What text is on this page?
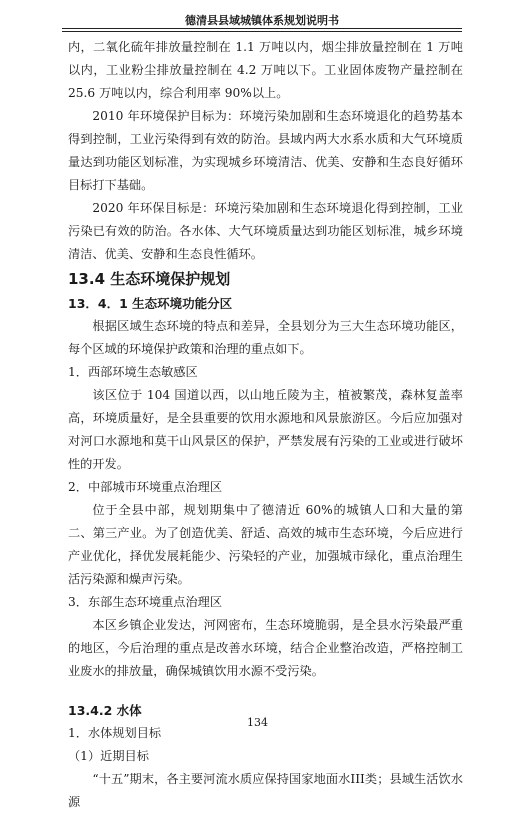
德清县县域城镇体系规划说明书

内，二氧化硫年排放量控制在 1.1 万吨以内，烟尘排放量控制在 1 万吨以内，工业粉尘排放量控制在 4.2 万吨以下。工业固体废物产量控制在 25.6 万吨以内，综合利用率 90%以上。

2010 年环境保护目标为：环境污染加剧和生态环境退化的趋势基本得到控制，工业污染得到有效的防治。县域内两大水系水质和大气环境质量达到功能区划标准，为实现城乡环境清洁、优美、安静和生态良好循环目标打下基础。

2020 年环保目标是：环境污染加剧和生态环境退化得到控制，工业污染已有效的防治。各水体、大气环境质量达到功能区划标准，城乡环境清洁、优美、安静和生态良性循环。

13.4 生态环境保护规划

13．4．1 生态环境功能分区

根据区域生态环境的特点和差异，全县划分为三大生态环境功能区，每个区域的环境保护政策和治理的重点如下。

1．西部环境生态敏感区

该区位于 104 国道以西，以山地丘陵为主，植被繁茂，森林复盖率高，环境质量好，是全县重要的饮用水源地和风景旅游区。今后应加强对对河口水源地和莫干山风景区的保护，严禁发展有污染的工业或进行破坏性的开发。

2．中部城市环境重点治理区

位于全县中部，规划期集中了德清近 60%的城镇人口和大量的第二、第三产业。为了创造优美、舒适、高效的城市生态环境，今后应进行产业优化，择优发展耗能少、污染轻的产业，加强城市绿化，重点治理生活污染源和燥声污染。

3．东部生态环境重点治理区

本区乡镇企业发达，河网密布，生态环境脆弱，是全县水污染最严重的地区，今后治理的重点是改善水环境，结合企业整治改造，严格控制工业废水的排放量，确保城镇饮用水源不受污染。

13.4.2 水体

1．水体规划目标

（1）近期目标

“十五”期末，各主要河流水质应保持国家地面水III类；县域生活饮水源

134
